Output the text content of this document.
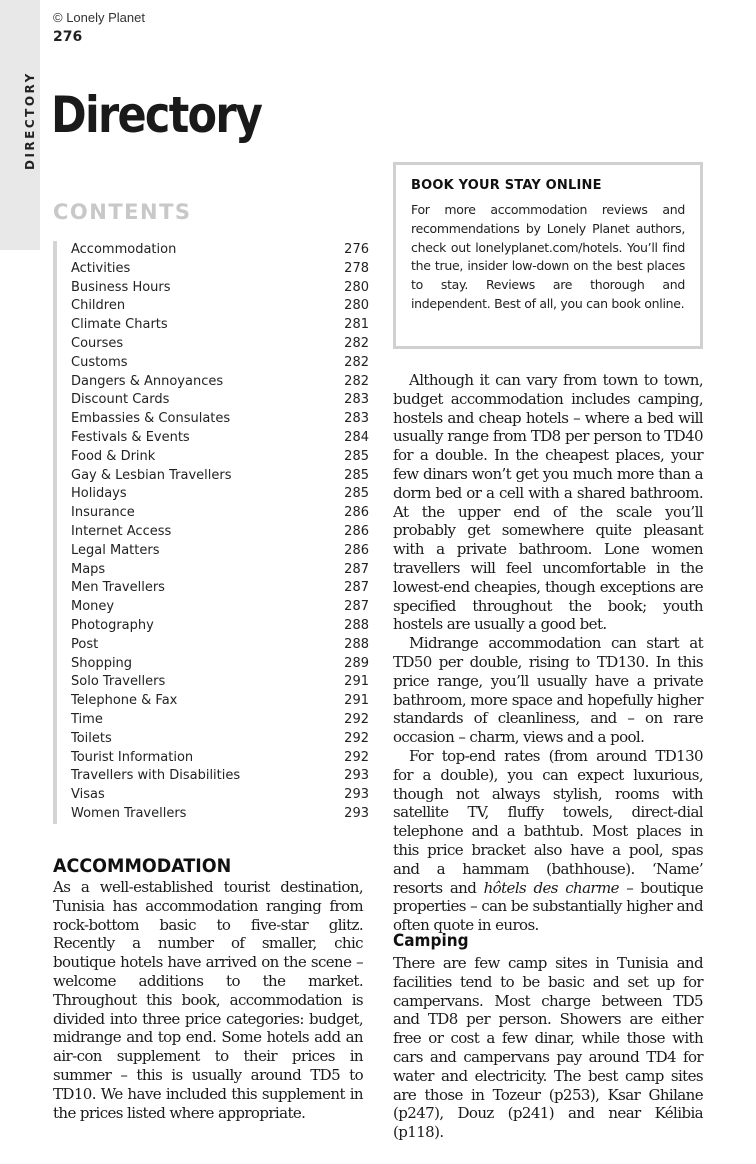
DIRECTORY
© Lonely Planet
276
Directory
CONTENTS
Accommodation	276
Activities	278
Business Hours	280
Children	280
Climate Charts	281
Courses	282
Customs	282
Dangers & Annoyances	282
Discount Cards	283
Embassies & Consulates	283
Festivals & Events	284
Food & Drink	285
Gay & Lesbian Travellers	285
Holidays	285
Insurance	286
Internet Access	286
Legal Matters	286
Maps	287
Men Travellers	287
Money	287
Photography	288
Post	288
Shopping	289
Solo Travellers	291
Telephone & Fax	291
Time	292
Toilets	292
Tourist Information	292
Travellers with Disabilities	293
Visas	293
Women Travellers	293
ACCOMMODATION

As a well-established tourist destination, Tunisia has accommodation ranging from rock-bottom basic to five-star glitz. Recently a number of smaller, chic boutique hotels have arrived on the scene – welcome additions to the market. Throughout this book, accommodation is divided into three price categories: budget, midrange and top end. Some hotels add an air-con supplement to their prices in summer – this is usually around TD5 to TD10. We have included this supplement in the prices listed where appropriate.

BOOK YOUR STAY ONLINE
For more accommodation reviews and recommendations by Lonely Planet authors, check out lonelyplanet.com/hotels. You’ll find the true, insider low-down on the best places to stay. Reviews are thorough and independent. Best of all, you can book online.

Although it can vary from town to town, budget accommodation includes camping, hostels and cheap hotels – where a bed will usually range from TD8 per person to TD40 for a double. In the cheapest places, your few dinars won’t get you much more than a dorm bed or a cell with a shared bathroom. At the upper end of the scale you’ll probably get somewhere quite pleasant with a private bathroom. Lone women travellers will feel uncomfortable in the lowest-end cheapies, though exceptions are specified throughout the book; youth hostels are usually a good bet.

Midrange accommodation can start at TD50 per double, rising to TD130. In this price range, you’ll usually have a private bathroom, more space and hopefully higher standards of cleanliness, and – on rare occasion – charm, views and a pool.

For top-end rates (from around TD130 for a double), you can expect luxurious, though not always stylish, rooms with satellite TV, fluffy towels, direct-dial telephone and a bathtub. Most places in this price bracket also have a pool, spas and a hammam (bathhouse). ‘Name’ resorts and hôtels des charme – boutique properties – can be substantially higher and often quote in euros.

Camping

There are few camp sites in Tunisia and facilities tend to be basic and set up for campervans. Most charge between TD5 and TD8 per person. Showers are either free or cost a few dinar, while those with cars and campervans pay around TD4 for water and electricity. The best camp sites are those in Tozeur (p253), Ksar Ghilane (p247), Douz (p241) and near Kélibia (p118).
